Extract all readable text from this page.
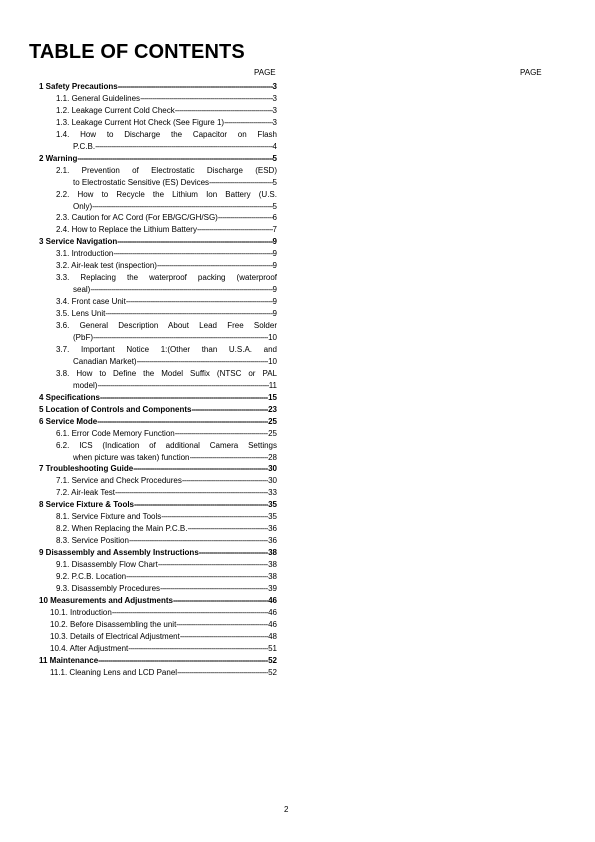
TABLE OF CONTENTS
PAGE	PAGE
1 Safety Precautions -----	3
1.1. General Guidelines -----	3
1.2. Leakage Current Cold Check -----	3
1.3. Leakage Current Hot Check (See Figure 1) -----	3
1.4. How to Discharge the Capacitor on Flash
P.C.B. -----	4
2 Warning -----	5
2.1. Prevention of Electrostatic Discharge (ESD)
to Electrostatic Sensitive (ES) Devices -----	5
2.2. How to Recycle the Lithium Ion Battery (U.S.
Only) -----	5
2.3. Caution for AC Cord (For EB/GC/GH/SG) -----	6
2.4. How to Replace the Lithium Battery -----	7
3 Service Navigation -----	9
3.1. Introduction -----	9
3.2. Air-leak test (inspection) -----	9
3.3. Replacing the waterproof packing (waterproof
seal) -----	9
3.4. Front case Unit -----	9
3.5. Lens Unit -----	9
3.6. General Description About Lead Free Solder
(PbF) -----	10
3.7. Important Notice 1:(Other than U.S.A. and
Canadian Market) -----	10
3.8. How to Define the Model Suffix (NTSC or PAL
model) -----	11
4 Specifications -----	15
5 Location of Controls and Components -----	23
6 Service Mode -----	25
6.1. Error Code Memory Function -----	25
6.2. ICS (Indication of additional Camera Settings
when picture was taken) function -----	28
7 Troubleshooting Guide -----	30
7.1. Service and Check Procedures -----	30
7.2. Air-leak Test -----	33
8 Service Fixture & Tools -----	35
8.1. Service Fixture and Tools -----	35
8.2. When Replacing the Main P.C.B. -----	36
8.3. Service Position -----	36
9 Disassembly and Assembly Instructions -----	38
9.1. Disassembly Flow Chart -----	38
9.2. P.C.B. Location -----	38
9.3. Disassembly Procedures -----	39
10 Measurements and Adjustments -----	46
10.1. Introduction -----	46
10.2. Before Disassembling the unit -----	46
10.3. Details of Electrical Adjustment -----	48
10.4. After Adjustment -----	51
11 Maintenance -----	52
11.1. Cleaning Lens and LCD Panel -----	52
2
